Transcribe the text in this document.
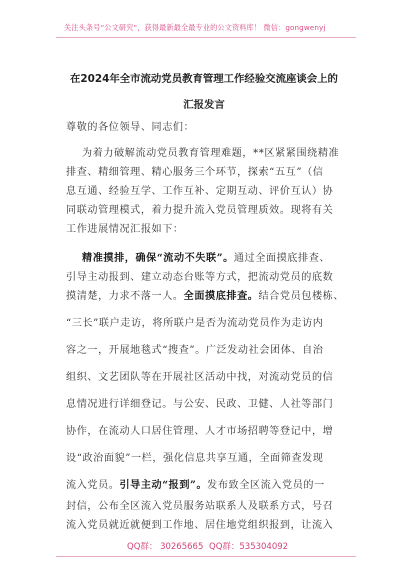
关注头条号“公文研究”，获得最新最全最专业的公文资料库！ 微信：gongwenyj
在2024年全市流动党员教育管理工作经验交流座谈会上的
汇报发言
尊敬的各位领导、同志们：
为着力破解流动党员教育管理难题，**区紧紧围绕精准
排查、精细管理、精心服务三个环节，探索“五互”（信
息互通、经验互学、工作互补、定期互动、评价互认）协
同联动管理模式，着力提升流入党员管理质效。现将有关
工作进展情况汇报如下：
精准摸排，确保“流动不失联”。通过全面摸底排查、
引导主动报到、建立动态台账等方式，把流动党员的底数
摸清楚，力求不落一人。全面摸底排查。结合党员包楼栋、
“三长”联户走访，将所联户是否为流动党员作为走访内
容之一，开展地毯式“搜查”。广泛发动社会团体、自治
组织、文艺团队等在开展社区活动中找，对流动党员的信
息情况进行详细登记。与公安、民政、卫健、人社等部门
协作，在流动人口居住管理、人才市场招聘等登记中，增
设“政治面貌”一栏，强化信息共享互通，全面筛查发现
流入党员。引导主动“报到”。发布致全区流入党员的一
封信，公布全区流入党员服务站联系人及联系方式，号召
流入党员就近就便到工作地、居住地党组织报到，让流入
QQ群： 30265665 QQ群：535304092
